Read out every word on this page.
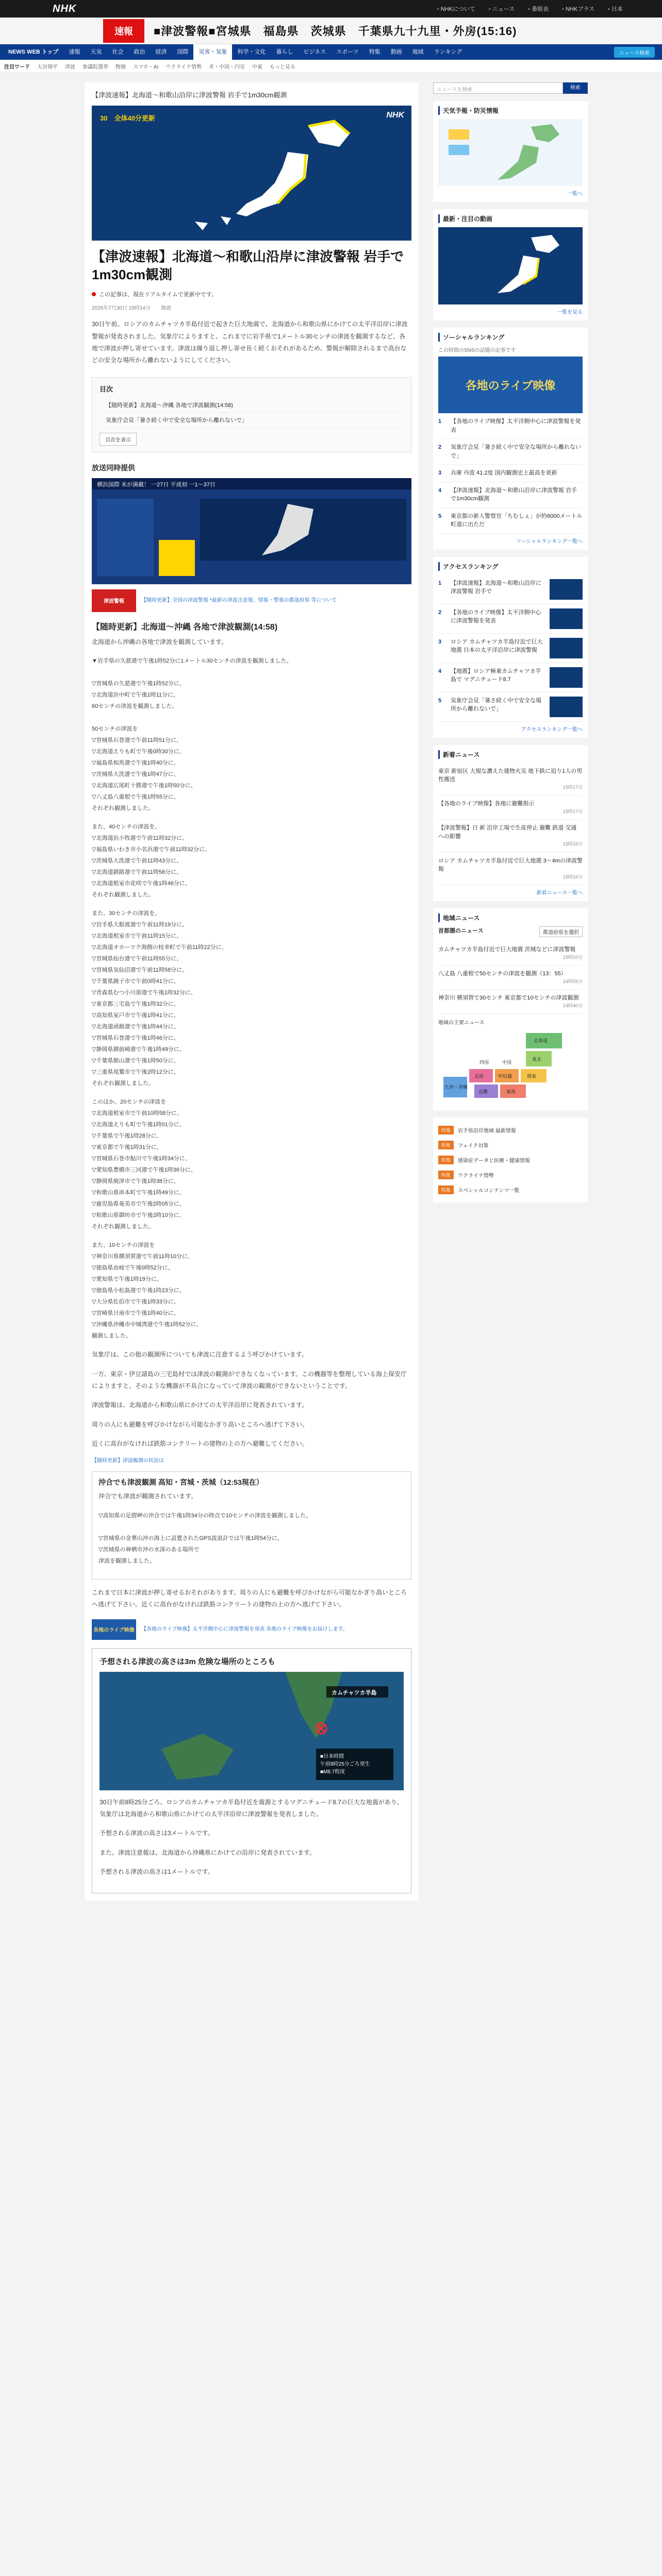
NHK	▪ NHKについて	▪ ニュース	▪ 番組表	▪ NHKプラス	▪ 日本
速報	■津波警報■宮城県　福島県　茨城県　千葉県九十九里・外房(15:16)
NEWS WEB トップ	速報	天気	社会	政治	経済	国際	災害・気象	科学・文化	暮らし	ビジネス	スポーツ	特集	動画	地域	ランキング	ニュース検索
注目ワード 大谷翔平 津波 参議院選挙 物価 スマホ・AI ウクライナ情勢 米・中国・円安 中東 もっと見る
【津波速報】北海道〜和歌山沿岸に津波警報 岩手で1m30cm観測
30　全体40分更新	NHK
【津波速報】北海道〜和歌山沿岸に津波警報 岩手で1m30cm観測
この記事は、現在リアルタイムで更新中です。
2025年7月30日 15時14分　　地震

30日午前、ロシアのカムチャツカ半島付近で起きた巨大地震で、北海道から和歌山県にかけての太平洋沿岸に津波警報が発表されました。気象庁によりますと、これまでに岩手県で1メートル30センチの津波を観測するなど、各地で津波が押し寄せています。津波は繰り返し押し寄せ長く続くおそれがあるため、警報が解除されるまで高台などの安全な場所から離れないようにしてください。

目次
【随時更新】北海道〜沖縄 各地で津波観測(14:58)
気象庁会見「暑さ続く中で安全な場所から離れないで」
目次を表示
放送同時提供
横浜国際 米が満載！ 一27日 平成初 一1〜37日
津波警報	【随時更新】全国の津波警報 *最新の津波注意報、情報・警報の都道府県 等について
【随時更新】北海道〜沖縄 各地で津波観測(14:58)

北海道から沖縄の各地で津波を観測しています。

▼岩手県の久慈港で午後1時52分に1メートル30センチの津波を観測しました。

▽宮城県の久慈港で午後1時52分に、
▽北海道浜中町で午後1時11分に、
60センチの津波を観測しました。

50センチの津波を
▽宮城県石巻港で午前11時51分に、
▽北海道えりも町で午後0時30分に、
▽福島県相馬港で午後1時40分に、
▽茨城県大洗港で午後1時47分に、
▽北海道広尾町十勝港で午後1時50分に、
▽八丈島八重根で午後1時55分に、
それぞれ観測しました。
また、40センチの津波を、
▽北海道浜小牧港で午前11時32分に、
▽福島県いわき市小名浜港で午前11時32分に、
▽茨城県大洗港で午前11時43分に、
▽北海道釧路港で午前11時58分に、
▽北海道根室市花咲で午後1時46分に、
それぞれ観測しました。
また、30センチの津波を、
▽岩手県大船渡港で午前11時19分に、
▽北海道根室市で午前11時15分に、
▽北海道オホーツク海側の枝幸町で午前11時22分に、
▽宮城県仙台港で午前11時55分に、
▽宮城県気仙沼港で午前11時58分に、
▽千葉県銚子市で午前0時41分に、
▽青森県むつ小川原港で午後1時32分に、
▽東京都三宅島で午後1時32分に、
▽高知県室戸市で午後1時41分に、
▽北海道函館港で午後1時44分に、
▽宮城県石巻港で午後1時46分に、
▽静岡県御前崎港で午後1時49分に、
▽千葉県館山港で午後1時50分に、
▽三重県尾鷲市で午後2時12分に、
それぞれ観測しました。
このほか、20センチの津波を
▽北海道根室市で午前10時58分に、
▽北海道えりも町で午後1時01分に、
▽千葉県で午後1時28分に、
▽東京都で午後1時31分に、
▽宮城県石巻市鮎川で午後1時34分に、
▽愛知県豊橋市三河港で午後1時36分に、
▽静岡県焼津市で午後1時38分に、
▽和歌山県串本町で午後1時49分に、
▽鹿児島県奄美市で午後2時05分に、
▽和歌山県御坊市で午後2時10分に、
それぞれ観測しました。
また、10センチの津波を
▽神奈川県横須賀港で午前11時10分に、
▽徳島県由岐で午後0時52分に、
▽愛知県で午後1時19分に、
▽徳島県小松島港で午後1時23分に、
▽大分県佐伯市で午後1時33分に、
▽宮崎県日南市で午後1時40分に、
▽沖縄県沖縄市中城湾港で午後1時52分に、
観測しました。

気象庁は、この他の観測所についても津波に注意するよう呼びかけています。

一方、東京・伊豆諸島の三宅島村では津波の観測ができなくなっています。この機器等を整理している海上保安庁によりますと、そのような機器が不具合になっていて津波の観測ができないということです。

津波警報は、北海道から和歌山県にかけての太平洋沿岸に発表されています。

周りの人にも避難を呼びかけながら可能なかぎり高いところへ逃げて下さい。

近くに高台がなければ鉄筋コンクリートの建物の上の方へ避難してください。

【随時更新】津波観測の状況は
沖合でも津波観測 高知・宮城・茨城（12:53現在）

沖合でも津波が観測されています。

▽高知県の足摺岬の沖合では午後1時34分の時点で10センチの津波を観測しました。

▽宮城県の金華山沖の海上に設置されたGPS波浪計では午後1時54分に、
▽茨城県の神栖市沖の水深のある場所で
津波を観測しました。

これまで日本に津波が押し寄せるおそれがあります。周りの人にも避難を呼びかけながら可能なかぎり高いところへ逃げて下さい。近くに高台がなければ鉄筋コンクリートの建物の上の方へ逃げて下さい。

各地のライブ映像	【各地のライブ映像】太平洋側中心に津波警報を発表 各地のライブ映像をお届けします。
予想される津波の高さは3m 危険な場所のところも
カムチャツカ半島
■日本時間
午前8時25分ごろ発生
■M8.7程度

30日午前8時25分ごろ、ロシアのカムチャツカ半島付近を震源とするマグニチュード8.7の巨大な地震があり、気象庁は北海道から和歌山県にかけての太平洋沿岸に津波警報を発表しました。

予想される津波の高さは3メートルです。

また、津波注意報は、北海道から沖縄県にかけての沿岸に発表されています。

予想される津波の高さは1メートルです。

ニュースを検索	検索
天気予報・防災情報
一覧へ
最新・注目の動画
一覧を見る
ソーシャルランキング
この時間のSNSの話題の記事です
各地のライブ映像
1	【各地のライブ映像】太平洋側中心に津波警報を発表
2	気象庁会見「暑さ続く中で安全な場所から離れないで」
3	兵庫 丹波 41.2度 国内観測史上最高を更新
4	【津波速報】北海道〜和歌山沿岸に津波警報 岩手で1m30cm観測
5	東京都の新人警察官「ちむしぇ」が約6000メートル町道に出ただ
ソーシャルランキング一覧へ
アクセスランキング
1	【津波速報】北海道〜和歌山沿岸に津波警報 岩手で
2	【各地のライブ映像】太平洋側中心に津波警報を発表
3	ロシア カムチャツカ半島付近で巨大地震 日本の太平洋沿岸に津波警報
4	【地震】ロシア極東カムチャツカ半島で マグニチュード8.7
5	気象庁会見「暑さ続く中で安全な場所から離れないで」
アクセスランキング一覧へ
新着ニュース
東京 新宿区 大規な濃えた建物火災 地下鉄に迫り1人の男性搬送
15時17分
【各地のライブ映像】各地に避難指示
15時17分
【津波警報】日 新 沿岸工場で生産停止 避難 鉄道 交通 への影響
15時16分
ロシア カムチャツカ半島付近で巨大地震 3〜4mの津波警報
15時16分
新着ニュース一覧へ
地域ニュース
首都圏のニュース	都道府県を選択
カムチャツカ半島付近で巨大地震 茨城などに津波警報
15時10分
八丈島 八重根で50センチの津波を観測（13：55）
14時55分
神奈川 横須賀で30センチ 東京都で10センチの津波観測
14時40分
地域の主要ニュース
北海道
東北
関東
甲信越
東海
北陸
近畿
中国
四国
九州・沖縄
特集	岩手県沿岸地域 最新情報
特集	フェイク対策
特集	感染症データと医療・健康情報
特集	ウクライナ情勢
特集	スペシャルコンテンツ一覧
